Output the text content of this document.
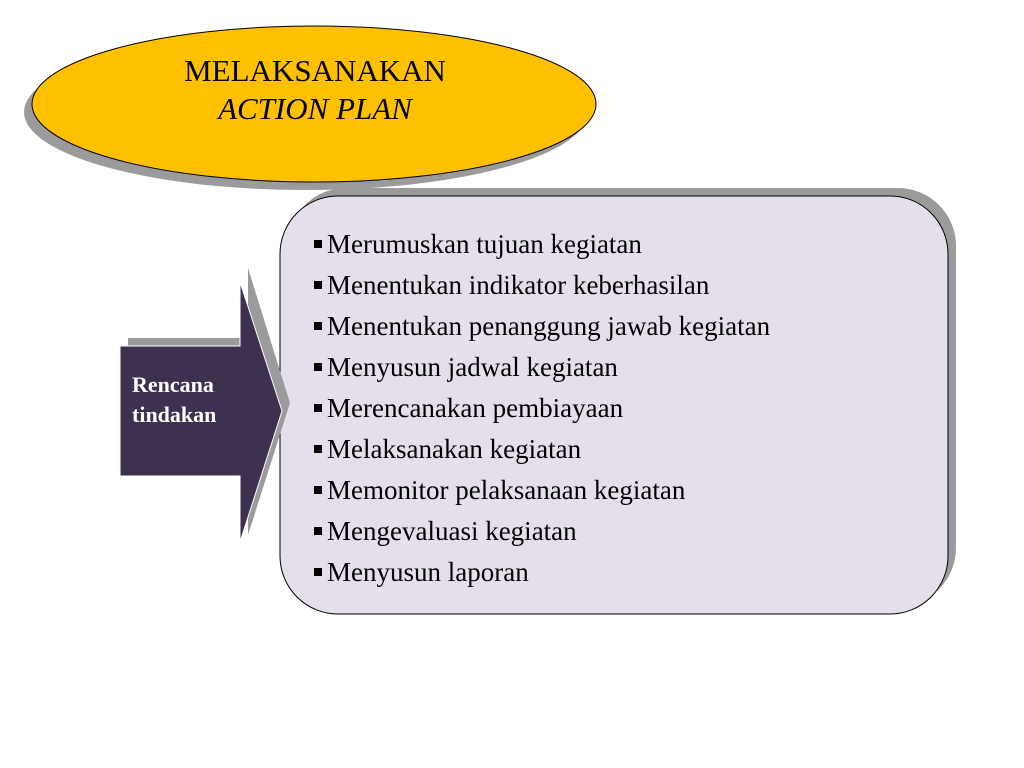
MELAKSANAKAN
ACTION PLAN
Rencana
tindakan
Merumuskan tujuan kegiatan
Menentukan indikator keberhasilan
Menentukan penanggung jawab kegiatan
Menyusun jadwal kegiatan
Merencanakan pembiayaan
Melaksanakan kegiatan
Memonitor pelaksanaan kegiatan
Mengevaluasi kegiatan
Menyusun laporan
